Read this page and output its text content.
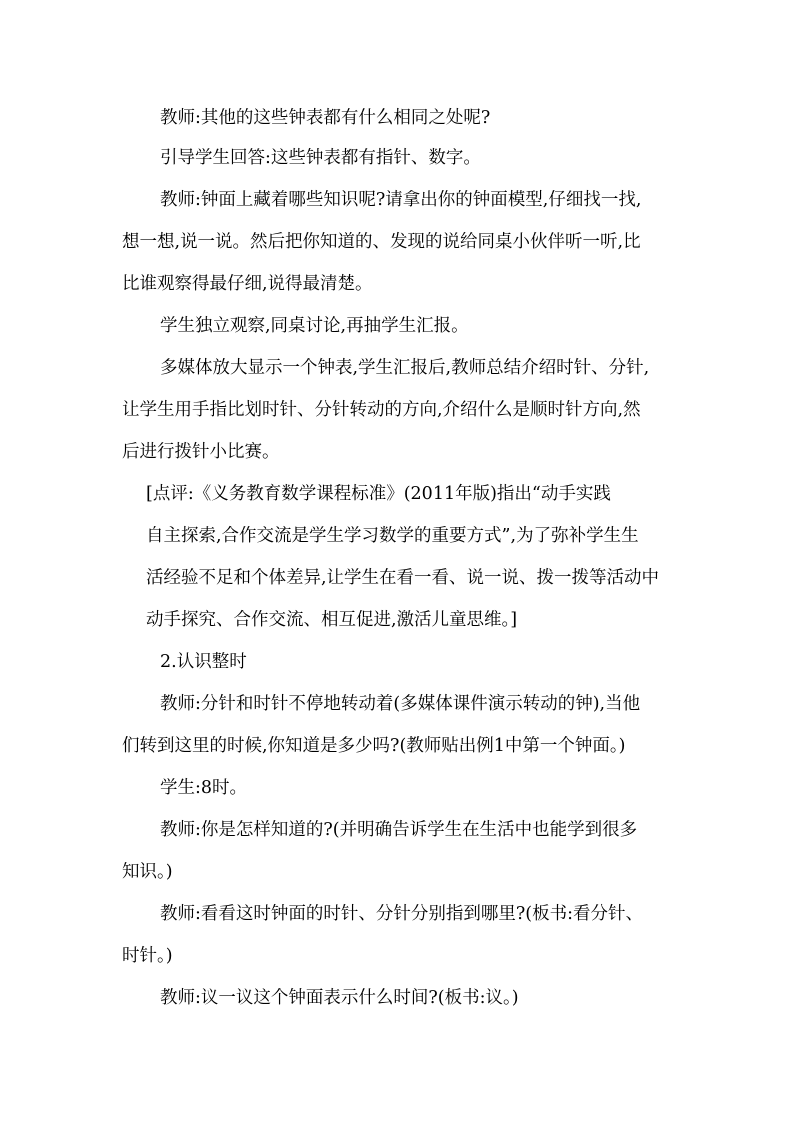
教师:其他的这些钟表都有什么相同之处呢?

引导学生回答:这些钟表都有指针、数字。

教师:钟面上藏着哪些知识呢?请拿出你的钟面模型,仔细找一找,
想一想,说一说。然后把你知道的、发现的说给同桌小伙伴听一听,比
比谁观察得最仔细,说得最清楚。

学生独立观察,同桌讨论,再抽学生汇报。

多媒体放大显示一个钟表,学生汇报后,教师总结介绍时针、分针,
让学生用手指比划时针、分针转动的方向,介绍什么是顺时针方向,然
后进行拨针小比赛。

[点评:《义务教育数学课程标准》(2011年版)指出“动手实践
自主探索,合作交流是学生学习数学的重要方式”,为了弥补学生生
活经验不足和个体差异,让学生在看一看、说一说、拨一拨等活动中
动手探究、合作交流、相互促进,激活儿童思维。]

2.认识整时

教师:分针和时针不停地转动着(多媒体课件演示转动的钟),当他
们转到这里的时候,你知道是多少吗?(教师贴出例1中第一个钟面。)

学生:8时。

教师:你是怎样知道的?(并明确告诉学生在生活中也能学到很多
知识。)

教师:看看这时钟面的时针、分针分别指到哪里?(板书:看分针、
时针。)

教师:议一议这个钟面表示什么时间?(板书:议。)
